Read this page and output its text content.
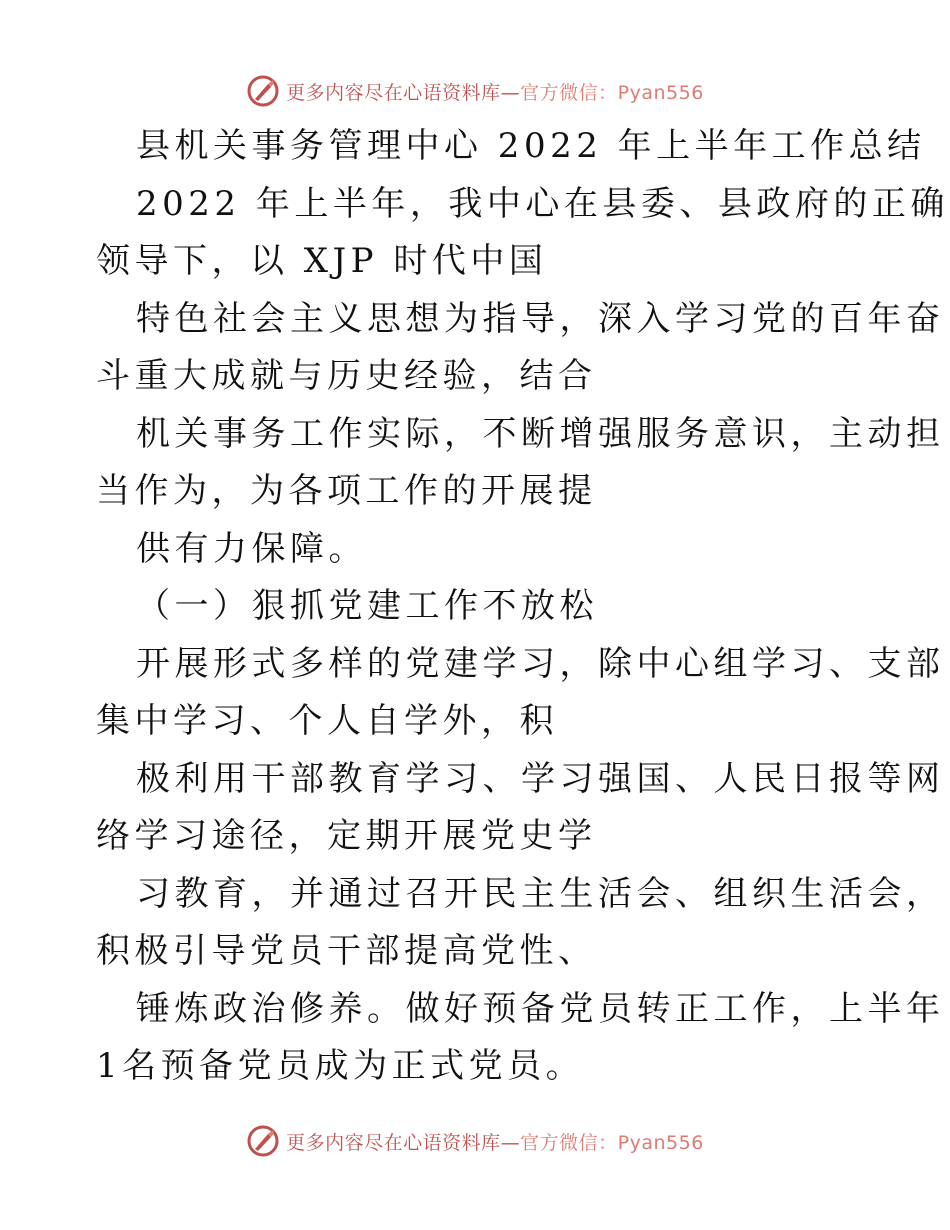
更多内容尽在心语资料库—官方微信：Pyan556
县机关事务管理中心 2022 年上半年工作总结
2022 年上半年，我中心在县委、县政府的正确
领导下，以 XJP 时代中国
特色社会主义思想为指导，深入学习党的百年奋
斗重大成就与历史经验，结合
机关事务工作实际，不断增强服务意识，主动担
当作为，为各项工作的开展提
供有力保障。
（一）狠抓党建工作不放松
开展形式多样的党建学习，除中心组学习、支部
集中学习、个人自学外，积
极利用干部教育学习、学习强国、人民日报等网
络学习途径，定期开展党史学
习教育，并通过召开民主生活会、组织生活会，
积极引导党员干部提高党性、
锤炼政治修养。做好预备党员转正工作，上半年
1名预备党员成为正式党员。
更多内容尽在心语资料库—官方微信：Pyan556
